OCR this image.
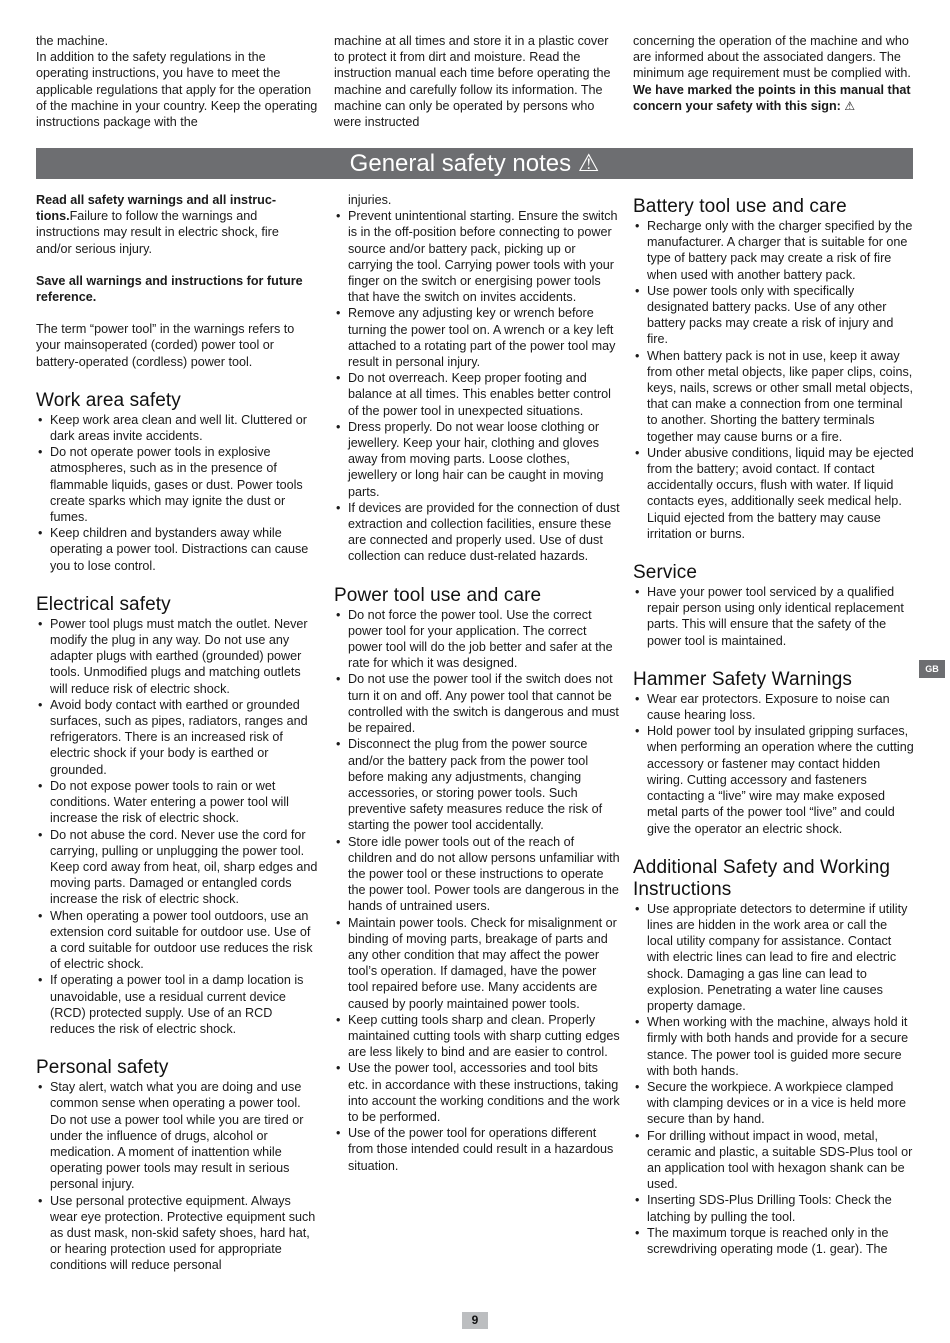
the machine.
In addition to the safety regulations in the operating instructions, you have to meet the applicable regulations that apply for the operation of the machine in your country. Keep the operating instructions package with the

machine at all times and store it in a plastic cover to protect it from dirt and moisture. Read the instruction manual each time before operating the machine and carefully follow its information. The machine can only be operated by persons who were instructed

concerning the operation of the machine and who are informed about the associated dangers. The minimum age requirement must be complied with. We have marked the points in this manual that concern your safety with this sign: ⚠

General safety notes ⚠

Read all safety warnings and all instructions.Failure to follow the warnings and instructions may result in electric shock, fire and/or serious injury.

Save all warnings and instructions for future reference.

The term “power tool” in the warnings refers to your mainsoperated (corded) power tool or battery-operated (cordless) power tool.

Work area safety
• Keep work area clean and well lit. Cluttered or dark areas invite accidents.
• Do not operate power tools in explosive atmospheres, such as in the presence of flammable liquids, gases or dust. Power tools create sparks which may ignite the dust or fumes.
• Keep children and bystanders away while operating a power tool. Distractions can cause you to lose control.
Electrical safety
• Power tool plugs must match the outlet. Never modify the plug in any way. Do not use any adapter plugs with earthed (grounded) power tools. Unmodified plugs and matching outlets will reduce risk of electric shock.
• Avoid body contact with earthed or grounded surfaces, such as pipes, radiators, ranges and refrigerators. There is an increased risk of electric shock if your body is earthed or grounded.
• Do not expose power tools to rain or wet conditions. Water entering a power tool will increase the risk of electric shock.
• Do not abuse the cord. Never use the cord for carrying, pulling or unplugging the power tool. Keep cord away from heat, oil, sharp edges and moving parts. Damaged or entangled cords increase the risk of electric shock.
• When operating a power tool outdoors, use an extension cord suitable for outdoor use. Use of a cord suitable for outdoor use reduces the risk of electric shock.
• If operating a power tool in a damp location is unavoidable, use a residual current device (RCD) protected supply. Use of an RCD reduces the risk of electric shock.
Personal safety
• Stay alert, watch what you are doing and use common sense when operating a power tool. Do not use a power tool while you are tired or under the influence of drugs, alcohol or medication. A moment of inattention while operating power tools may result in serious personal injury.
• Use personal protective equipment. Always wear eye protection. Protective equipment such as dust mask, non-skid safety shoes, hard hat, or hearing protection used for appropriate conditions will reduce personal

injuries.

• Prevent unintentional starting. Ensure the switch is in the off-position before connecting to power source and/or battery pack, picking up or carrying the tool. Carrying power tools with your finger on the switch or energising power tools that have the switch on invites accidents.
• Remove any adjusting key or wrench before turning the power tool on. A wrench or a key left attached to a rotating part of the power tool may result in personal injury.
• Do not overreach. Keep proper footing and balance at all times. This enables better control of the power tool in unexpected situations.
• Dress properly. Do not wear loose clothing or jewellery. Keep your hair, clothing and gloves away from moving parts. Loose clothes, jewellery or long hair can be caught in moving parts.
• If devices are provided for the connection of dust extraction and collection facilities, ensure these are connected and properly used. Use of dust collection can reduce dust-related hazards.
Power tool use and care
• Do not force the power tool. Use the correct power tool for your application. The correct power tool will do the job better and safer at the rate for which it was designed.
• Do not use the power tool if the switch does not turn it on and off. Any power tool that cannot be controlled with the switch is dangerous and must be repaired.
• Disconnect the plug from the power source and/or the battery pack from the power tool before making any adjustments, changing accessories, or storing power tools. Such preventive safety measures reduce the risk of starting the power tool accidentally.
• Store idle power tools out of the reach of children and do not allow persons unfamiliar with the power tool or these instructions to operate the power tool. Power tools are dangerous in the hands of untrained users.
• Maintain power tools. Check for misalignment or binding of moving parts, breakage of parts and any other condition that may affect the power tool’s operation. If damaged, have the power tool repaired before use. Many accidents are caused by poorly maintained power tools.
• Keep cutting tools sharp and clean. Properly maintained cutting tools with sharp cutting edges are less likely to bind and are easier to control.
• Use the power tool, accessories and tool bits etc. in accordance with these instructions, taking into account the working conditions and the work to be performed.
• Use of the power tool for operations different from those intended could result in a hazardous situation.
Battery tool use and care
• Recharge only with the charger specified by the manufacturer. A charger that is suitable for one type of battery pack may create a risk of fire when used with another battery pack.
• Use power tools only with specifically designated battery packs. Use of any other battery packs may create a risk of injury and fire.
• When battery pack is not in use, keep it away from other metal objects, like paper clips, coins, keys, nails, screws or other small metal objects, that can make a connection from one terminal to another. Shorting the battery terminals together may cause burns or a fire.
• Under abusive conditions, liquid may be ejected from the battery; avoid contact. If contact accidentally occurs, flush with water. If liquid contacts eyes, additionally seek medical help. Liquid ejected from the battery may cause irritation or burns.
Service
• Have your power tool serviced by a qualified repair person using only identical replacement parts. This will ensure that the safety of the power tool is maintained.
Hammer Safety Warnings
• Wear ear protectors. Exposure to noise can cause hearing loss.
• Hold power tool by insulated gripping surfaces, when performing an operation where the cutting accessory or fastener may contact hidden wiring. Cutting accessory and fasteners contacting a “live” wire may make exposed metal parts of the power tool “live” and could give the operator an electric shock.
Additional Safety and Working Instructions
• Use appropriate detectors to determine if utility lines are hidden in the work area or call the local utility company for assistance. Contact with electric lines can lead to fire and electric shock. Damaging a gas line can lead to explosion. Penetrating a water line causes property damage.
• When working with the machine, always hold it firmly with both hands and provide for a secure stance. The power tool is guided more secure with both hands.
• Secure the workpiece. A workpiece clamped with clamping devices or in a vice is held more secure than by hand.
• For drilling without impact in wood, metal, ceramic and plastic, a suitable SDS-Plus tool or an application tool with hexagon shank can be used.
• Inserting SDS-Plus Drilling Tools: Check the latching by pulling the tool.
• The maximum torque is reached only in the screwdriving operating mode (1. gear). The
GB
9
